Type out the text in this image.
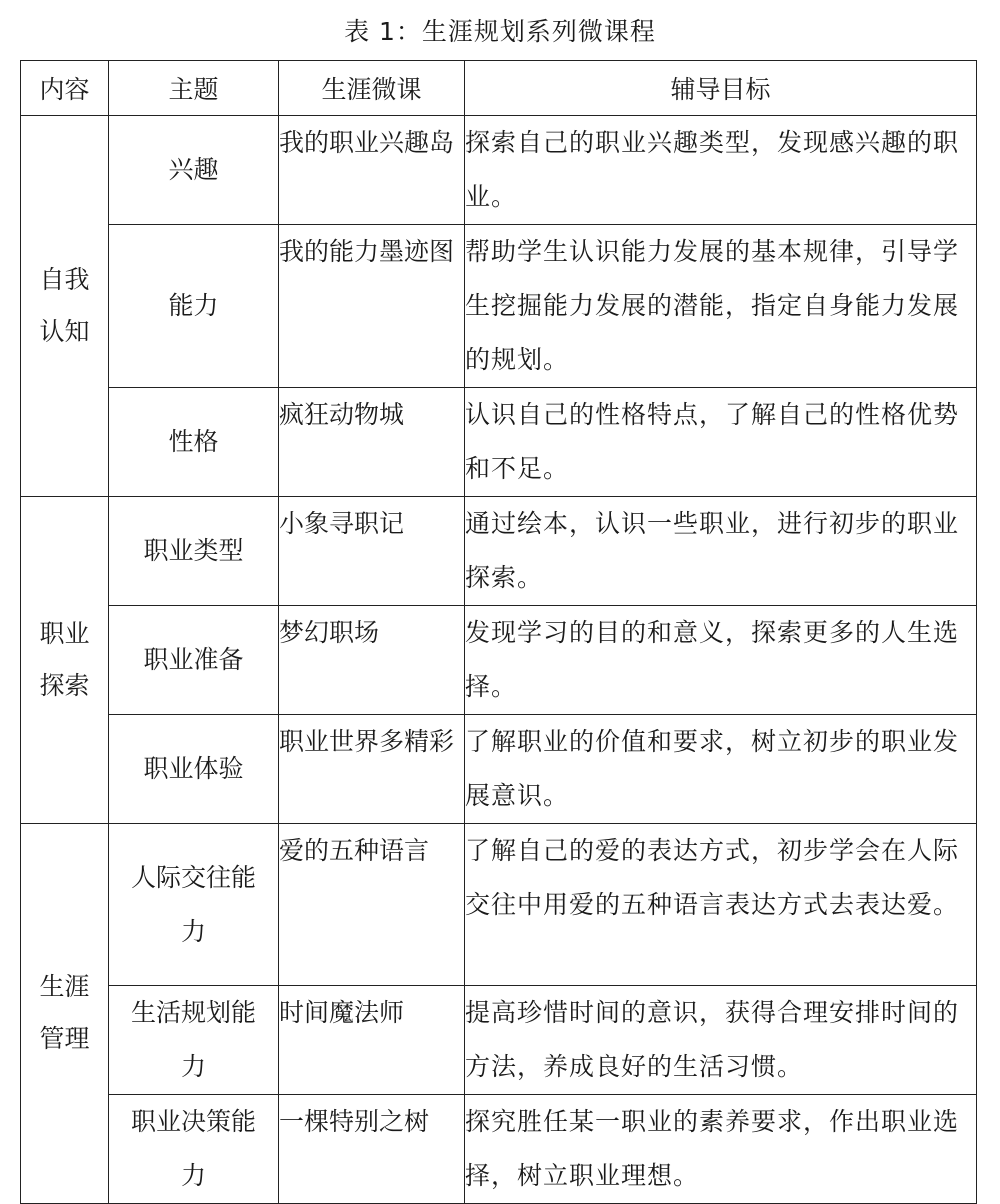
表 1：生涯规划系列微课程
内容	主题	生涯微课	辅导目标
自我认知	兴趣	我的职业兴趣岛	探索自己的职业兴趣类型，发现感兴趣的职业。
	能力	我的能力墨迹图	帮助学生认识能力发展的基本规律，引导学生挖掘能力发展的潜能，指定自身能力发展的规划。
	性格	疯狂动物城	认识自己的性格特点，了解自己的性格优势和不足。
职业探索	职业类型	小象寻职记	通过绘本，认识一些职业，进行初步的职业探索。
	职业准备	梦幻职场	发现学习的目的和意义，探索更多的人生选择。
	职业体验	职业世界多精彩	了解职业的价值和要求，树立初步的职业发展意识。
生涯管理	人际交往能力	爱的五种语言	了解自己的爱的表达方式，初步学会在人际交往中用爱的五种语言表达方式去表达爱。
	生活规划能力	时间魔法师	提高珍惜时间的意识，获得合理安排时间的方法，养成良好的生活习惯。
	职业决策能力	一棵特别之树	探究胜任某一职业的素养要求，作出职业选择，树立职业理想。
